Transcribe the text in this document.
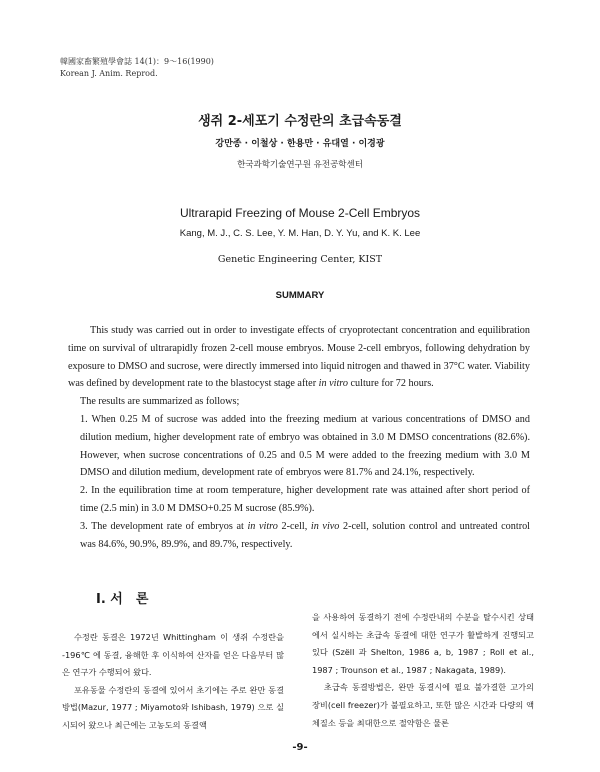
韓國家畜繁殖學會誌 14(1)：9～16(1990)
Korean J. Anim. Reprod.
생쥐 2-세포기 수정란의 초급속동결
강만종 · 이철상 · 한용만 · 유대열 · 이경광
한국과학기술연구원 유전공학센터
Ultrarapid Freezing of Mouse 2-Cell Embryos
Kang, M. J., C. S. Lee, Y. M. Han, D. Y. Yu, and K. K. Lee
Genetic Engineering Center, KIST
SUMMARY

This study was carried out in order to investigate effects of cryoprotectant concentration and equilibration time on survival of ultrarapidly frozen 2-cell mouse embryos. Mouse 2-cell embryos, following dehydration by exposure to DMSO and sucrose, were directly immersed into liquid nitrogen and thawed in 37°C water. Viability was defined by development rate to the blastocyst stage after in vitro culture for 72 hours.

The results are summarized as follows;

1. When 0.25 M of sucrose was added into the freezing medium at various concentrations of DMSO and dilution medium, higher development rate of embryo was obtained in 3.0 M DMSO concentrations (82.6%). However, when sucrose concentrations of 0.25 and 0.5 M were added to the freezing medium with 3.0 M DMSO and dilution medium, development rate of embryos were 81.7% and 24.1%, respectively.

2. In the equilibration time at room temperature, higher development rate was attained after short period of time (2.5 min) in 3.0 M DMSO+0.25 M sucrose (85.9%).

3. The development rate of embryos at in vitro 2-cell, in vivo 2-cell, solution control and untreated control was 84.6%, 90.9%, 89.9%, and 89.7%, respectively.

Ⅰ. 서　론

수정란 동결은 1972년 Whittingham 이 생쥐 수정란을 -196℃ 에 동결, 융해한 후 이식하여 산자를 얻은 다음부터 많은 연구가 수행되어 왔다.

포유동물 수정란의 동결에 있어서 초기에는 주로 완만 동결방법(Mazur, 1977 ; Miyamoto와 Ishibash, 1979) 으로 실시되어 왔으나 최근에는 고농도의 동결액

을 사용하여 동결하기 전에 수정란내의 수분을 탈수시킨 상태에서 실시하는 초급속 동결에 대한 연구가 활발하게 진행되고 있다 (Szëll 과 Shelton, 1986 a, b, 1987 ; Roll et al., 1987 ; Trounson et al., 1987 ; Nakagata, 1989).

초급속 동결방법은, 완만 동결시에 필요 불가결한 고가의 장비(cell freezer)가 불필요하고, 또한 많은 시간과 다량의 액체질소 등을 최대한으로 절약함은 물론

-9-
